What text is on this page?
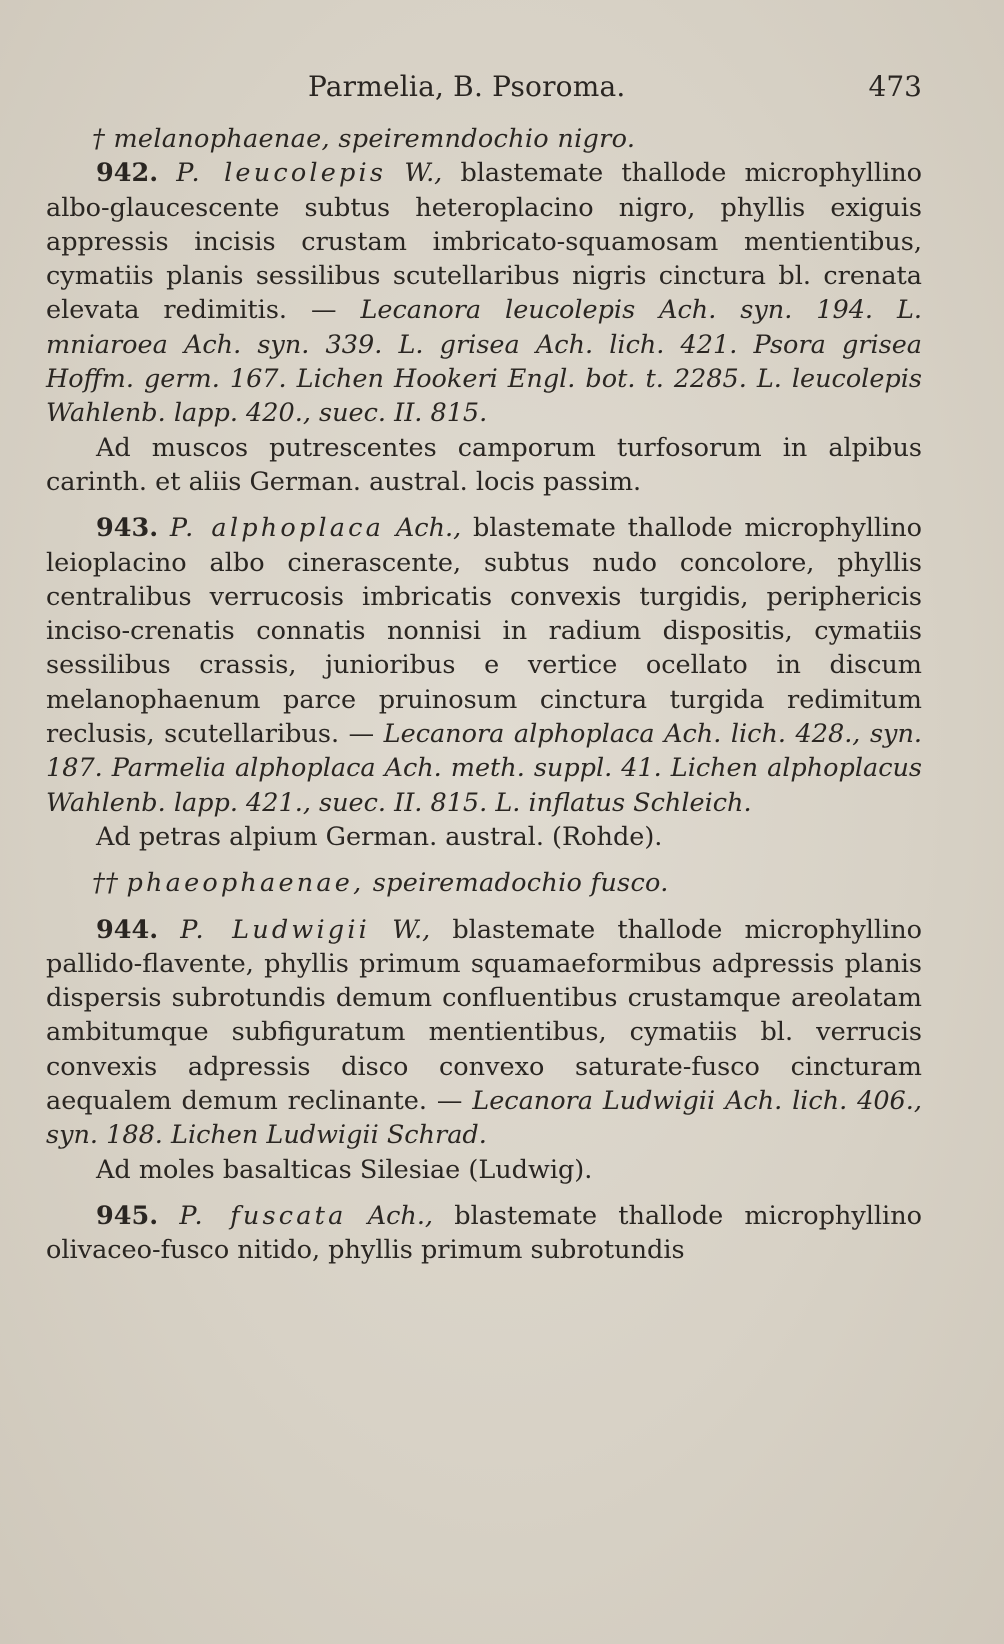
Parmelia, B. Psoroma.	473
† melanophaenae, speiremndochio nigro.

942. P. leucolepis W., blastemate thallode microphyllino albo-glaucescente subtus heteroplacino nigro, phyllis exiguis appressis incisis crustam imbricato-squamosam mentientibus, cymatiis planis sessilibus scutellaribus nigris cinctura bl. crenata elevata redimitis. — Lecanora leucolepis Ach. syn. 194. L. mniaroea Ach. syn. 339. L. grisea Ach. lich. 421. Psora grisea Hoffm. germ. 167. Lichen Hookeri Engl. bot. t. 2285. L. leucolepis Wahlenb. lapp. 420., suec. II. 815.

Ad muscos putrescentes camporum turfosorum in alpibus carinth. et aliis German. austral. locis passim.

943. P. alphoplaca Ach., blastemate thallode microphyllino leioplacino albo cinerascente, subtus nudo concolore, phyllis centralibus verrucosis imbricatis convexis turgidis, periphericis inciso-crenatis connatis nonnisi in radium dispositis, cymatiis sessilibus crassis, junioribus e vertice ocellato in discum melanophaenum parce pruinosum cinctura turgida redimitum reclusis, scutellaribus. — Lecanora alphoplaca Ach. lich. 428., syn. 187. Parmelia alphoplaca Ach. meth. suppl. 41. Lichen alphoplacus Wahlenb. lapp. 421., suec. II. 815. L. inflatus Schleich.

Ad petras alpium German. austral. (Rohde).

†† phaeophaenae, speiremadochio fusco.

944. P. Ludwigii W., blastemate thallode microphyllino pallido-flavente, phyllis primum squamaeformibus adpressis planis dispersis subrotundis demum confluentibus crustamque areolatam ambitumque subfiguratum mentientibus, cymatiis bl. verrucis convexis adpressis disco convexo saturate-fusco cincturam aequalem demum reclinante. — Lecanora Ludwigii Ach. lich. 406., syn. 188. Lichen Ludwigii Schrad.

Ad moles basalticas Silesiae (Ludwig).

945. P. fuscata Ach., blastemate thallode microphyllino olivaceo-fusco nitido, phyllis primum subrotundis
